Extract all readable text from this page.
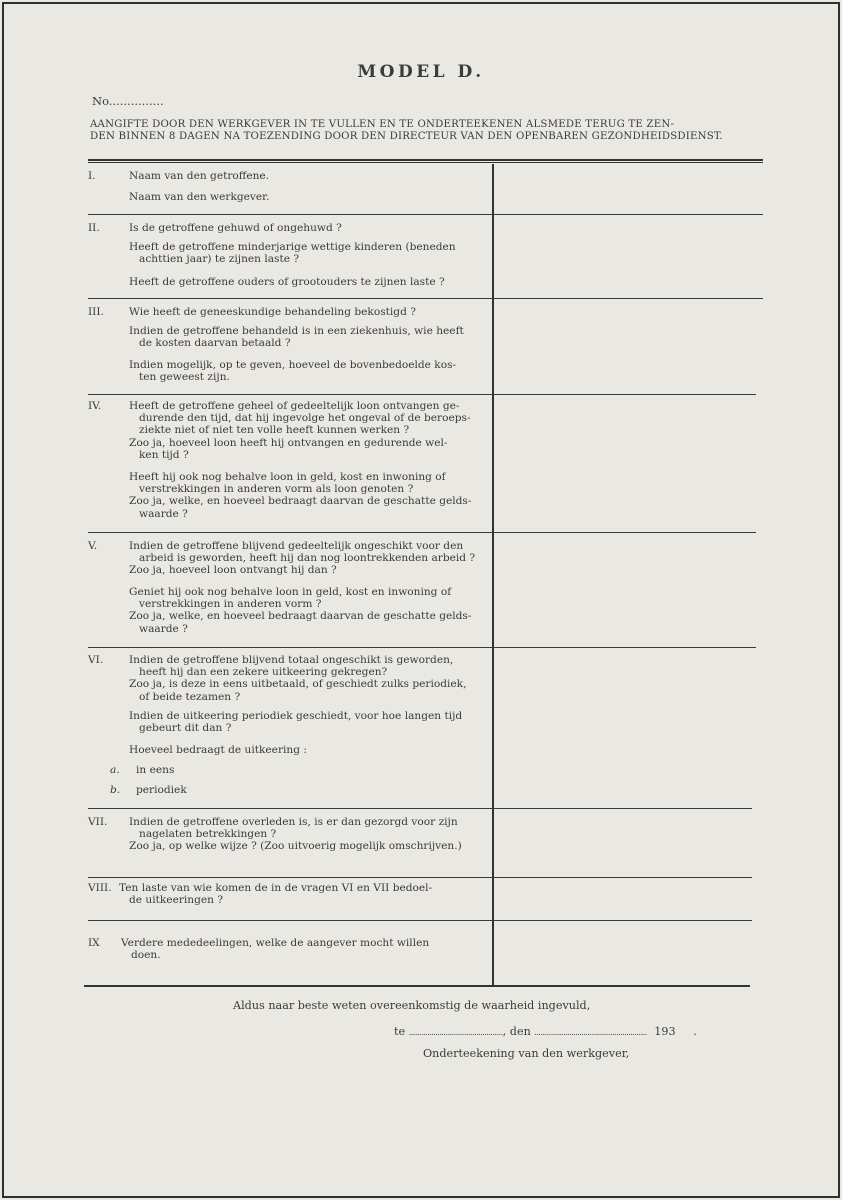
MODEL D.
No...............
AANGIFTE DOOR DEN WERKGEVER IN TE VULLEN EN TE ONDERTEEKENEN ALSMEDE TERUG TE ZEN-
DEN BINNEN 8 DAGEN NA TOEZENDING DOOR DEN DIRECTEUR VAN DEN OPENBAREN GEZONDHEIDSDIENST.
I.	Naam van den getroffene.
Naam van den werkgever.
II.	Is de getroffene gehuwd of ongehuwd ?
Heeft de getroffene minderjarige wettige kinderen (beneden
achttien jaar) te zijnen laste ?
Heeft de getroffene ouders of grootouders te zijnen laste ?
III. Wie heeft de geneeskundige behandeling bekostigd ?
Indien de getroffene behandeld is in een ziekenhuis, wie heeft
de kosten daarvan betaald ?
Indien mogelijk, op te geven, hoeveel de bovenbedoelde kos-
ten geweest zijn.
IV.	Heeft de getroffene geheel of gedeeltelijk loon ontvangen ge-
durende den tijd, dat hij ingevolge het ongeval of de beroeps-
ziekte niet of niet ten volle heeft kunnen werken ?
Zoo ja, hoeveel loon heeft hij ontvangen en gedurende wel-
ken tijd ?
Heeft hij ook nog behalve loon in geld, kost en inwoning of
verstrekkingen in anderen vorm als loon genoten ?
Zoo ja, welke, en hoeveel bedraagt daarvan de geschatte gelds-
waarde ?
V.	Indien de getroffene blijvend gedeeltelijk ongeschikt voor den
arbeid is geworden, heeft hij dan nog loontrekkenden arbeid ?
Zoo ja, hoeveel loon ontvangt hij dan ?
Geniet hij ook nog behalve loon in geld, kost en inwoning of
verstrekkingen in anderen vorm ?
Zoo ja, welke, en hoeveel bedraagt daarvan de geschatte gelds-
waarde ?
VI. Indien de getroffene blijvend totaal ongeschikt is geworden,
heeft hij dan een zekere uitkeering gekregen?
Zoo ja, is deze in eens uitbetaald, of geschiedt zulks periodiek,
of beide tezamen ?
Indien de uitkeering periodiek geschiedt, voor hoe langen tijd
gebeurt dit dan ?
Hoeveel bedraagt de uitkeering :
a. in eens
b. periodiek
VII. Indien de getroffene overleden is, is er dan gezorgd voor zijn
nagelaten betrekkingen ?
Zoo ja, op welke wijze ? (Zoo uitvoerig mogelijk omschrijven.)
VIII. Ten laste van wie komen de in de vragen VI en VII bedoel-
de uitkeeringen ?
IX Verdere mededeelingen, welke de aangever mocht willen
doen.
Aldus naar beste weten overeenkomstig de waarheid ingevuld,
te .............................................., den ....................................................... 193 .
Onderteekening van den werkgever,
